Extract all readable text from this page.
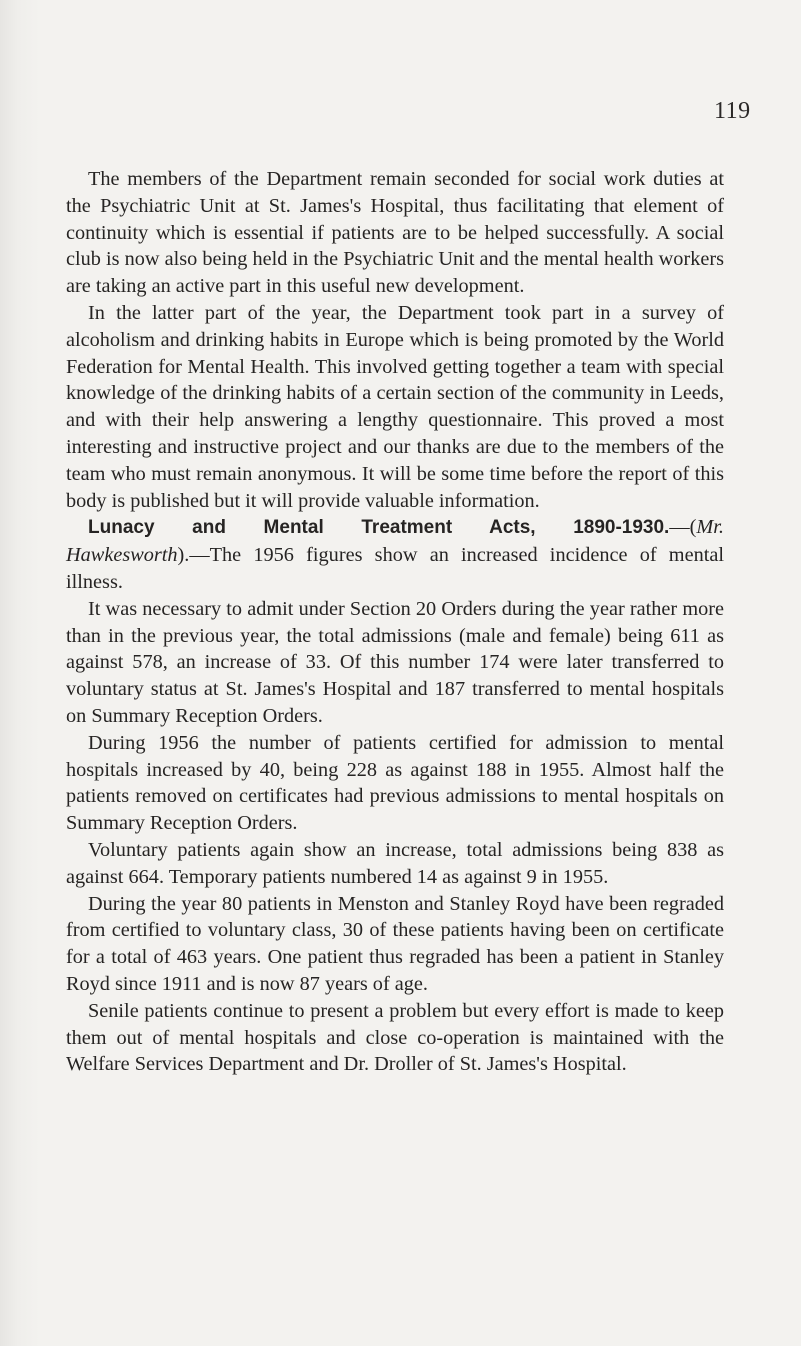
119

The members of the Department remain seconded for social work duties at the Psychiatric Unit at St. James's Hospital, thus facilitating that element of continuity which is essential if patients are to be helped successfully. A social club is now also being held in the Psychiatric Unit and the mental health workers are taking an active part in this useful new development.

In the latter part of the year, the Department took part in a survey of alcoholism and drinking habits in Europe which is being promoted by the World Federation for Mental Health. This involved getting together a team with special knowledge of the drinking habits of a certain section of the community in Leeds, and with their help answering a lengthy questionnaire. This proved a most interesting and instructive project and our thanks are due to the members of the team who must remain anonymous. It will be some time before the report of this body is published but it will provide valuable information.

Lunacy and Mental Treatment Acts, 1890-1930.—(Mr. Hawkesworth).—The 1956 figures show an increased incidence of mental illness.

It was necessary to admit under Section 20 Orders during the year rather more than in the previous year, the total admissions (male and female) being 611 as against 578, an increase of 33. Of this number 174 were later transferred to voluntary status at St. James's Hospital and 187 transferred to mental hospitals on Summary Reception Orders.

During 1956 the number of patients certified for admission to mental hospitals increased by 40, being 228 as against 188 in 1955. Almost half the patients removed on certificates had previous admissions to mental hospitals on Summary Reception Orders.

Voluntary patients again show an increase, total admissions being 838 as against 664. Temporary patients numbered 14 as against 9 in 1955.

During the year 80 patients in Menston and Stanley Royd have been regraded from certified to voluntary class, 30 of these patients having been on certificate for a total of 463 years. One patient thus regraded has been a patient in Stanley Royd since 1911 and is now 87 years of age.

Senile patients continue to present a problem but every effort is made to keep them out of mental hospitals and close co-operation is maintained with the Welfare Services Department and Dr. Droller of St. James's Hospital.
